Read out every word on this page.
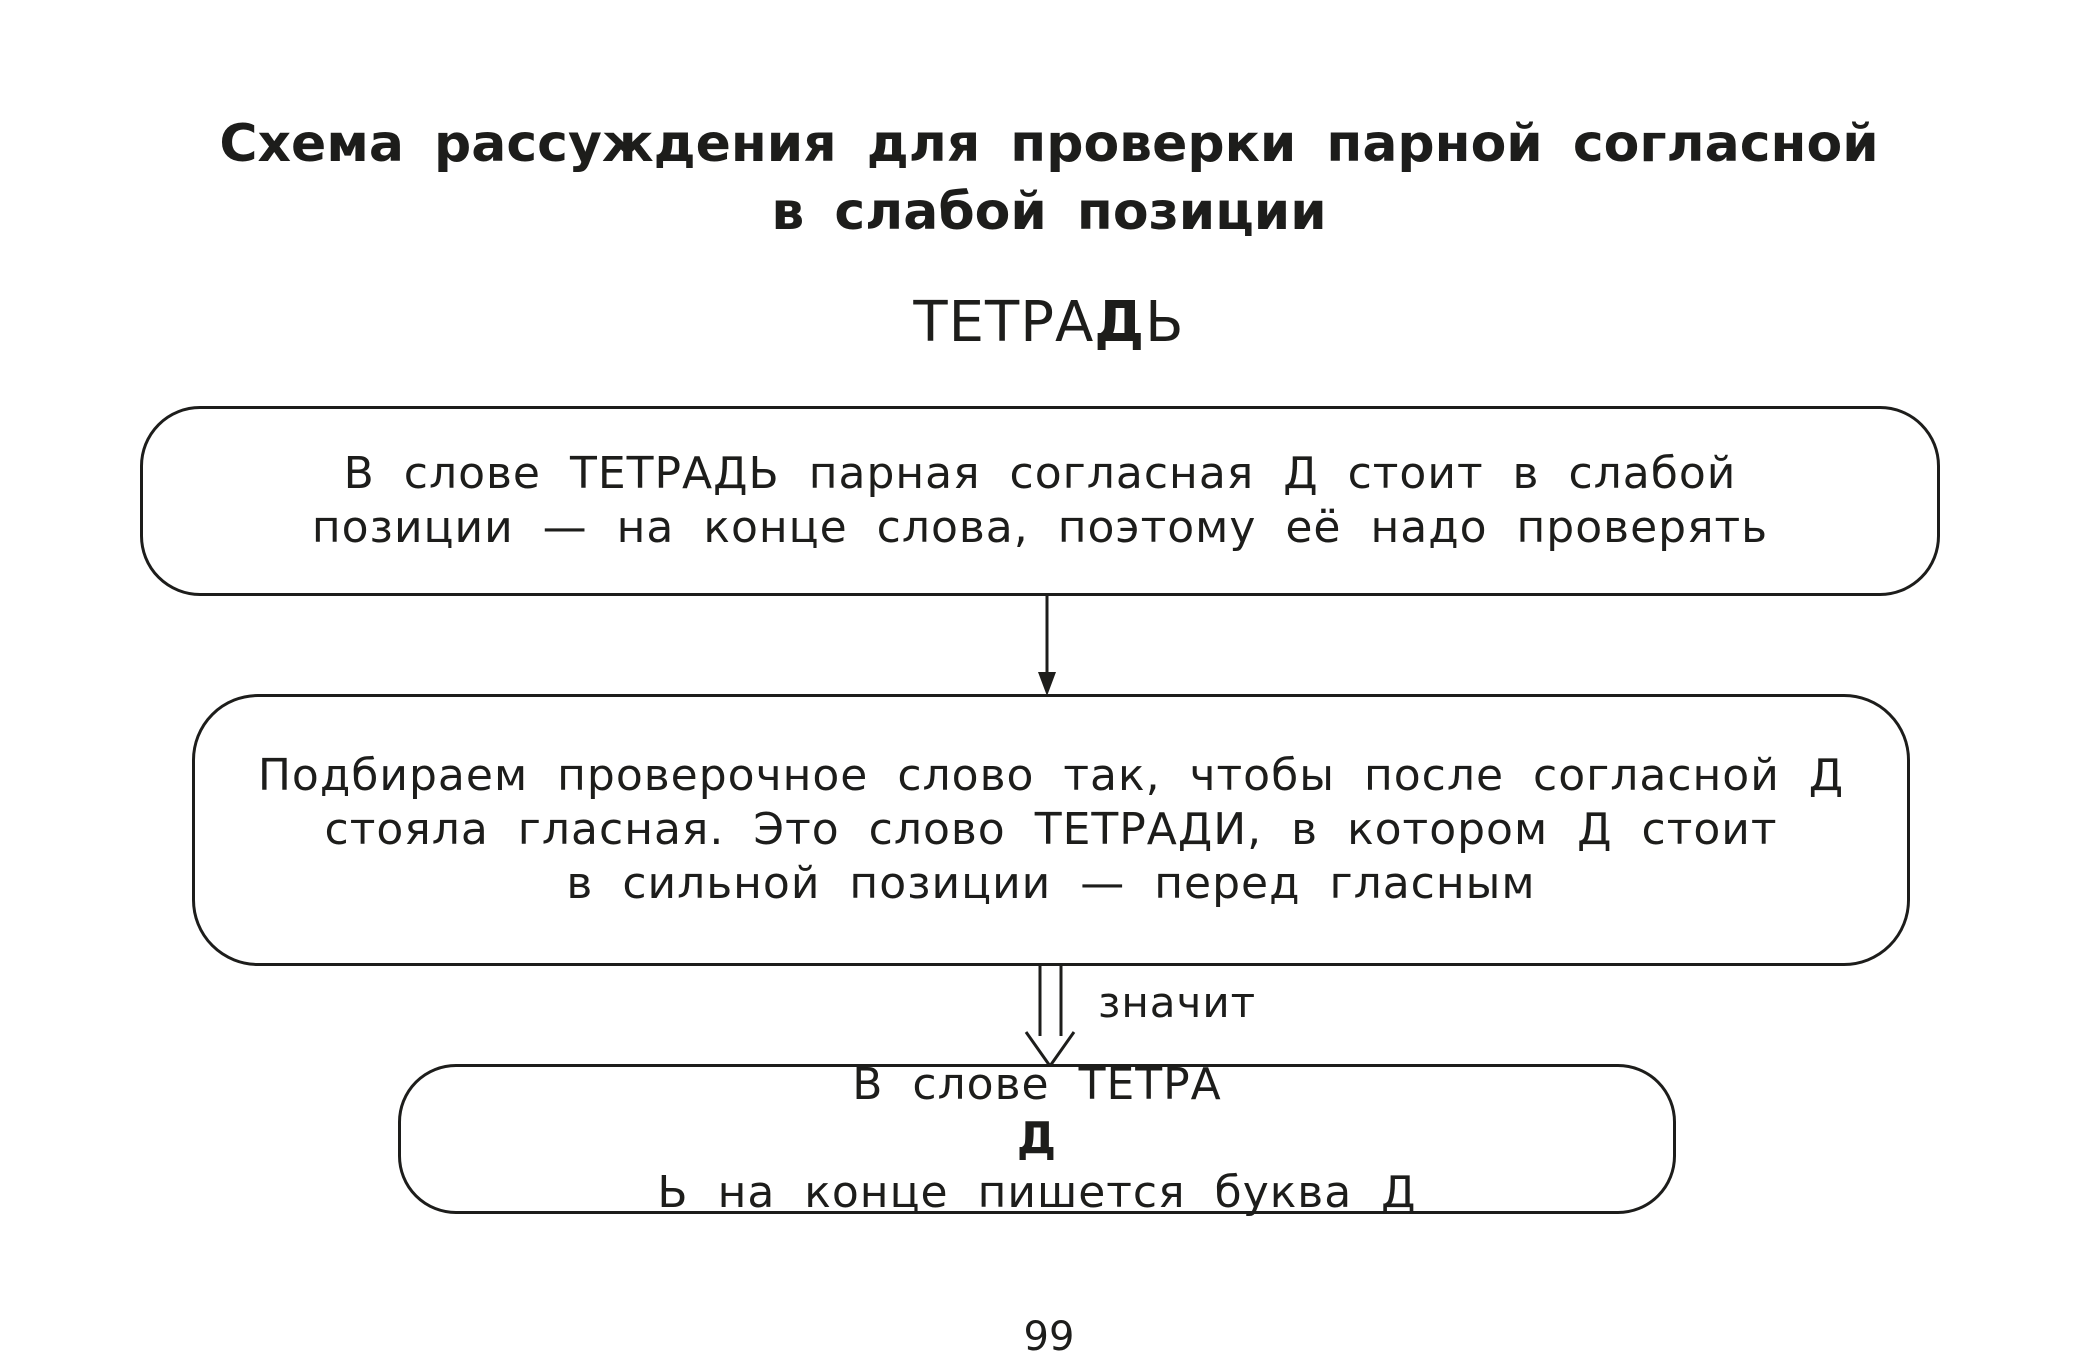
Схема рассуждения для проверки парной согласной
в слабой позиции
ТЕТРАДЬ
В слове ТЕТРАДЬ парная согласная Д стоит в слабой
позиции — на конце слова, поэтому её надо проверять
Подбираем проверочное слово так, чтобы после согласной Д
стояла гласная. Это слово ТЕТРАДИ, в котором Д стоит
в сильной позиции — перед гласным
значит
В слове ТЕТРА
Д
Ь на конце пишется буква Д
99
